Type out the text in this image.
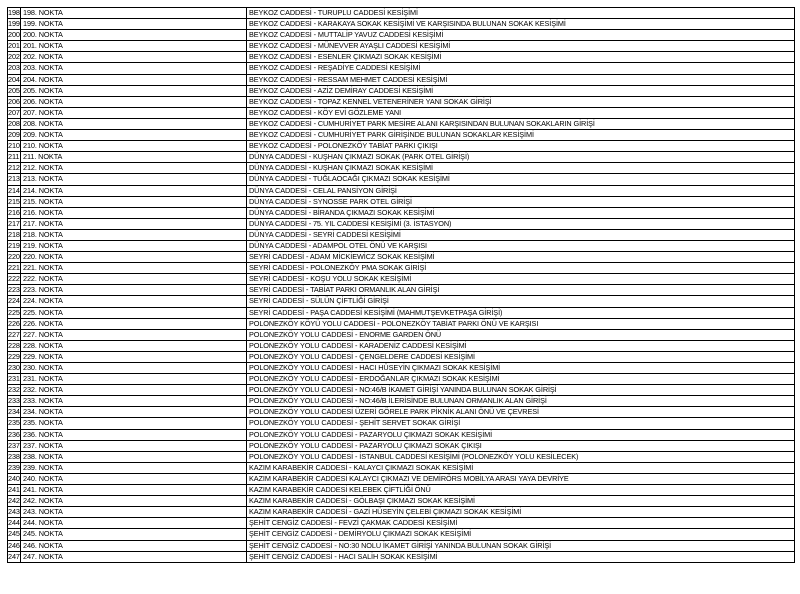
198	198. NOKTA	BEYKOZ CADDESİ - TURUPLU CADDESİ KESİŞİMİ
199	199. NOKTA	BEYKOZ CADDESİ - KARAKAYA SOKAK KESİŞİMİ VE KARŞISINDA BULUNAN SOKAK KESİŞİMİ
200	200. NOKTA	BEYKOZ CADDESİ - MUTTALİP YAVUZ CADDESİ KESİŞİMİ
201	201. NOKTA	BEYKOZ CADDESİ - MÜNEVVER AYAŞLI CADDESİ KESİŞİMİ
202	202. NOKTA	BEYKOZ CADDESİ - ESENLER ÇIKMAZI SOKAK KESİŞİMİ
203	203. NOKTA	BEYKOZ CADDESİ - REŞADİYE CADDESİ KESİŞİMİ
204	204. NOKTA	BEYKOZ CADDESİ - RESSAM MEHMET CADDESİ KESİŞİMİ
205	205. NOKTA	BEYKOZ CADDESİ - AZİZ DEMİRAY CADDESİ KESİŞİMİ
206	206. NOKTA	BEYKOZ CADDESİ - TOPAZ KENNEL VETENERİNER YANI SOKAK GİRİŞİ
207	207. NOKTA	BEYKOZ CADDESİ - KÖY EVİ GÖZLEME YANI
208	208. NOKTA	BEYKOZ CADDESİ - CUMHURİYET PARK MESİRE ALANI KARŞISINDAN BULUNAN SOKAKLARIN GİRİŞİ
209	209. NOKTA	BEYKOZ CADDESİ - CUMHURİYET PARK GİRİŞİNDE BULUNAN SOKAKLAR KESİŞİMİ
210	210. NOKTA	BEYKOZ CADDESİ - POLONEZKÖY TABİAT PARKI ÇIKIŞI
211	211. NOKTA	DÜNYA CADDESİ - KUŞHAN ÇIKMAZI SOKAK (PARK OTEL GİRİŞİ)
212	212. NOKTA	DÜNYA CADDESİ - KUŞHAN ÇIKMAZI SOKAK KESİŞİMİ
213	213. NOKTA	DÜNYA CADDESİ - TUĞLAOCAĞI ÇIKMAZI SOKAK KESİŞİMİ
214	214. NOKTA	DÜNYA CADDESİ - CELAL PANSİYON GİRİŞİ
215	215. NOKTA	DÜNYA CADDESİ - SYNOSSE PARK OTEL GİRİŞİ
216	216. NOKTA	DÜNYA CADDESİ - BİRANDA ÇIKMAZI SOKAK KESİŞİMİ
217	217. NOKTA	DÜNYA CADDESİ - 75. YIL CADDESİ KESİŞİMİ (3. İSTASYON)
218	218. NOKTA	DÜNYA CADDESİ - SEYRİ CADDESİ KESİŞİMİ
219	219. NOKTA	DÜNYA CADDESİ - ADAMPOL OTEL ÖNÜ VE KARŞISI
220	220. NOKTA	SEYRİ CADDESİ - ADAM MİCKİEWİCZ SOKAK KESİŞİMİ
221	221. NOKTA	SEYRİ CADDESİ - POLONEZKÖY PMA SOKAK GİRİŞİ
222	222. NOKTA	SEYRİ CADDESİ - KOŞU YOLU SOKAK KESİŞİMİ
223	223. NOKTA	SEYRİ CADDESİ - TABİAT PARKI ORMANLIK ALAN GİRİŞİ
224	224. NOKTA	SEYRİ CADDESİ - SÜLÜN ÇİFTLİĞİ GİRİŞİ
225	225. NOKTA	SEYRİ CADDESİ - PAŞA CADDESİ KESİŞİMİ (MAHMUTŞEVKETPAŞA GİRİŞİ)
226	226. NOKTA	POLONEZKÖY KÖYÜ YOLU CADDESİ - POLONEZKÖY TABİAT PARKI ÖNÜ VE KARŞISI
227	227. NOKTA	POLONEZKÖY YOLU CADDESİ - ENORME GARDEN ÖNÜ
228	228. NOKTA	POLONEZKÖY YOLU CADDESİ - KARADENİZ CADDESİ KESİŞİMİ
229	229. NOKTA	POLONEZKÖY YOLU CADDESİ - ÇENGELDERE CADDESİ KESİŞİMİ
230	230. NOKTA	POLONEZKÖY YOLU CADDESİ - HACI HÜSEYİN ÇIKMAZI SOKAK KESİŞİMİ
231	231. NOKTA	POLONEZKÖY YOLU CADDESİ - ERDOĞANLAR ÇIKMAZI SOKAK KESİŞİMİ
232	232. NOKTA	POLONEZKÖY YOLU CADDESİ - NO:46/B İKAMET GİRİŞİ YANINDA BULUNAN SOKAK GİRİŞİ
233	233. NOKTA	POLONEZKÖY YOLU CADDESİ - NO:46/B İLERİSİNDE BULUNAN ORMANLIK ALAN GİRİŞİ
234	234. NOKTA	POLONEZKÖY YOLU CADDESİ ÜZERİ GÖRELE PARK PİKNİK ALANI ÖNÜ VE ÇEVRESİ
235	235. NOKTA	POLONEZKÖY YOLU CADDESİ - ŞEHİT SERVET SOKAK GİRİŞİ
236	236. NOKTA	POLONEZKÖY YOLU CADDESİ - PAZARYOLU ÇIKMAZI SOKAK KESİŞİMİ
237	237. NOKTA	POLONEZKÖY YOLU CADDESİ - PAZARYOLU ÇIKMAZI SOKAK ÇIKIŞI
238	238. NOKTA	POLONEZKÖY YOLU CADDESİ - İSTANBUL CADDESİ KESİŞİMİ (POLONEZKÖY YOLU KESİLECEK)
239	239. NOKTA	KAZIM KARABEKİR CADDESİ - KALAYCI ÇIKMAZI SOKAK KESİŞİMİ
240	240. NOKTA	KAZIM KARABEKİR CADDESİ KALAYCI ÇIKMAZI VE DEMİRÖRS MOBİLYA ARASI YAYA DEVRİYE
241	241. NOKTA	KAZIM KARABEKİR CADDESİ KELEBEK ÇİFTLİĞİ ÖNÜ
242	242. NOKTA	KAZIM KARABEKİR CADDESİ - GÖLBAŞI ÇIKMAZI SOKAK KESİŞİMİ
243	243. NOKTA	KAZIM KARABEKİR CADDESİ - GAZİ HÜSEYİN ÇELEBİ ÇIKMAZI SOKAK KESİŞİMİ
244	244. NOKTA	ŞEHİT CENGİZ CADDESİ - FEVZİ ÇAKMAK CADDESİ KESİŞİMİ
245	245. NOKTA	ŞEHİT CENGİZ CADDESİ - DEMİRYOLU ÇIKMAZI SOKAK KESİŞİMİ
246	246. NOKTA	ŞEHİT CENGİZ CADDESİ - NO:30 NOLU İKAMET GİRİŞİ YANINDA BULUNAN SOKAK GİRİŞİ
247	247. NOKTA	ŞEHİT CENGİZ CADDESİ - HACI SALİH SOKAK KESİŞİMİ
